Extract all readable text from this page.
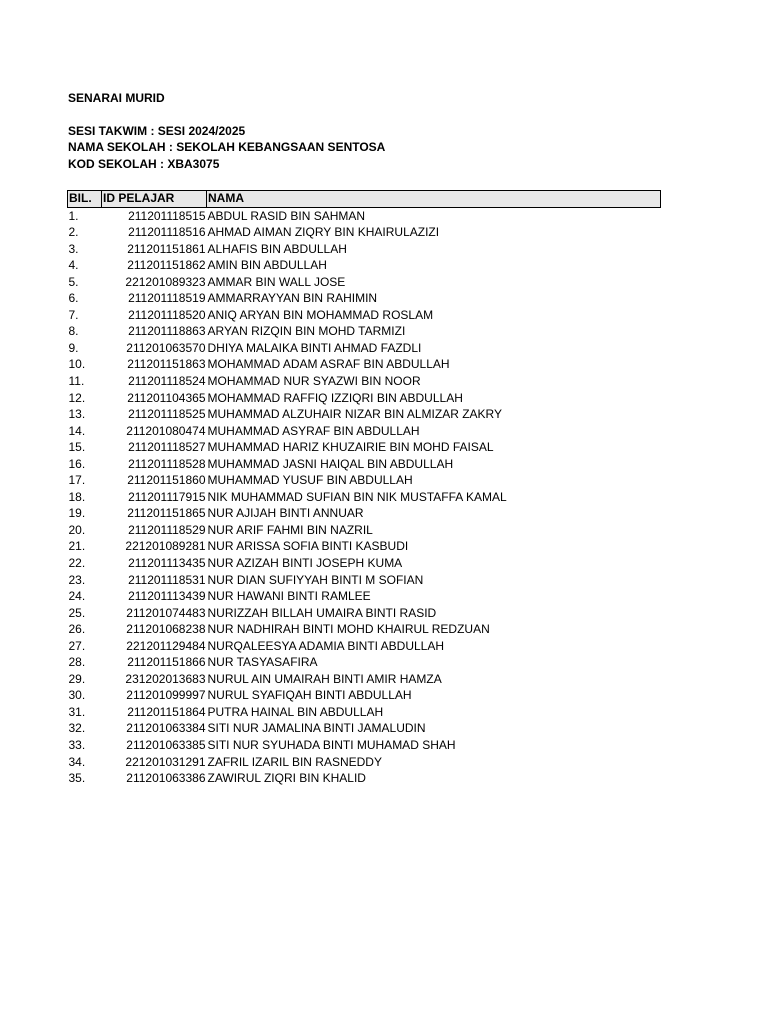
SENARAI MURID
SESI TAKWIM : SESI 2024/2025
NAMA SEKOLAH : SEKOLAH KEBANGSAAN SENTOSA
KOD SEKOLAH : XBA3075
BIL.	ID PELAJAR	NAMA
1.	211201118515	ABDUL RASID BIN SAHMAN
2.	211201118516	AHMAD AIMAN ZIQRY BIN KHAIRULAZIZI
3.	211201151861	ALHAFIS BIN ABDULLAH
4.	211201151862	AMIN BIN ABDULLAH
5.	221201089323	AMMAR BIN WALL JOSE
6.	211201118519	AMMARRAYYAN BIN RAHIMIN
7.	211201118520	ANIQ ARYAN BIN MOHAMMAD ROSLAM
8.	211201118863	ARYAN RIZQIN BIN MOHD TARMIZI
9.	211201063570	DHIYA MALAIKA BINTI AHMAD FAZDLI
10.	211201151863	MOHAMMAD ADAM ASRAF BIN ABDULLAH
11.	211201118524	MOHAMMAD NUR SYAZWI BIN NOOR
12.	211201104365	MOHAMMAD RAFFIQ IZZIQRI BIN ABDULLAH
13.	211201118525	MUHAMMAD ALZUHAIR NIZAR BIN ALMIZAR ZAKRY
14.	211201080474	MUHAMMAD ASYRAF BIN ABDULLAH
15.	211201118527	MUHAMMAD HARIZ KHUZAIRIE BIN MOHD FAISAL
16.	211201118528	MUHAMMAD JASNI HAIQAL BIN ABDULLAH
17.	211201151860	MUHAMMAD YUSUF BIN ABDULLAH
18.	211201117915	NIK MUHAMMAD SUFIAN BIN NIK MUSTAFFA KAMAL
19.	211201151865	NUR AJIJAH BINTI ANNUAR
20.	211201118529	NUR ARIF FAHMI BIN NAZRIL
21.	221201089281	NUR ARISSA SOFIA BINTI KASBUDI
22.	211201113435	NUR AZIZAH BINTI JOSEPH KUMA
23.	211201118531	NUR DIAN SUFIYYAH BINTI M SOFIAN
24.	211201113439	NUR HAWANI BINTI RAMLEE
25.	211201074483	NURIZZAH BILLAH UMAIRA BINTI RASID
26.	211201068238	NUR NADHIRAH BINTI MOHD KHAIRUL REDZUAN
27.	221201129484	NURQALEESYA ADAMIA BINTI ABDULLAH
28.	211201151866	NUR TASYASAFIRA
29.	231202013683	NURUL AIN UMAIRAH BINTI AMIR HAMZA
30.	211201099997	NURUL SYAFIQAH BINTI ABDULLAH
31.	211201151864	PUTRA HAINAL BIN ABDULLAH
32.	211201063384	SITI NUR JAMALINA BINTI JAMALUDIN
33.	211201063385	SITI NUR SYUHADA BINTI MUHAMAD SHAH
34.	221201031291	ZAFRIL IZARIL BIN RASNEDDY
35.	211201063386	ZAWIRUL ZIQRI BIN KHALID
